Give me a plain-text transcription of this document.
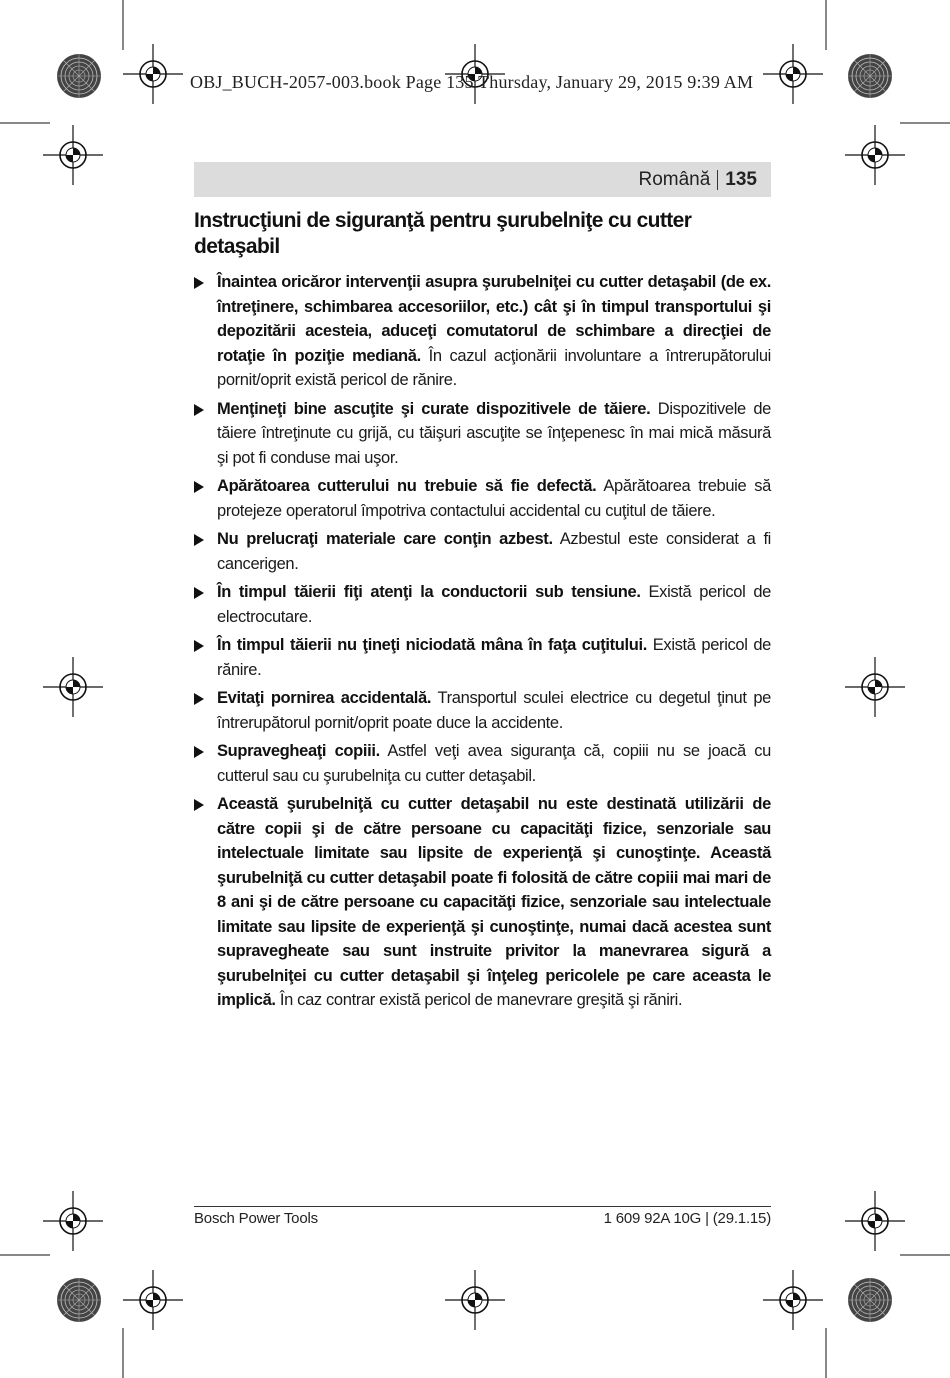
OBJ_BUCH-2057-003.book Page 135 Thursday, January 29, 2015 9:39 AM
Română 135
Instrucţiuni de siguranţă pentru şurubelniţe cu cutter detaşabil
Înaintea oricăror intervenţii asupra şurubelniţei cu cutter detaşabil (de ex. întreţinere, schimbarea accesoriilor, etc.) cât şi în timpul transportului şi depozitării acesteia, aduceţi comutatorul de schimbare a direcţiei de rotaţie în poziţie mediană. În cazul acţionării involuntare a întrerupătorului pornit/oprit există pericol de rănire.
Menţineţi bine ascuţite şi curate dispozitivele de tăiere. Dispozitivele de tăiere întreţinute cu grijă, cu tăişuri ascuţite se înţepenesc în mai mică măsură şi pot fi conduse mai uşor.
Apărătoarea cutterului nu trebuie să fie defectă. Apărătoarea trebuie să protejeze operatorul împotriva contactului accidental cu cuţitul de tăiere.
Nu prelucraţi materiale care conţin azbest. Azbestul este considerat a fi cancerigen.
În timpul tăierii fiţi atenţi la conductorii sub tensiune. Există pericol de electrocutare.
În timpul tăierii nu ţineţi niciodată mâna în faţa cuţitului. Există pericol de rănire.
Evitaţi pornirea accidentală. Transportul sculei electrice cu degetul ţinut pe întrerupătorul pornit/oprit poate duce la accidente.
Supravegheaţi copiii. Astfel veţi avea siguranţa că, copiii nu se joacă cu cutterul sau cu şurubelniţa cu cutter detaşabil.
Această şurubelniţă cu cutter detaşabil nu este destinată utilizării de către copii şi de către persoane cu capacităţi fizice, senzoriale sau intelectuale limitate sau lipsite de experienţă şi cunoştinţe. Această şurubelniţă cu cutter detaşabil poate fi folosită de către copiii mai mari de 8 ani şi de către persoane cu capacităţi fizice, senzoriale sau intelectuale limitate sau lipsite de experienţă şi cunoştinţe, numai dacă acestea sunt supravegheate sau sunt instruite privitor la manevrarea sigură a şurubelniţei cu cutter detaşabil şi înţeleg pericolele pe care aceasta le implică. În caz contrar există pericol de manevrare greşită şi răniri.
Bosch Power Tools	1 609 92A 10G | (29.1.15)
